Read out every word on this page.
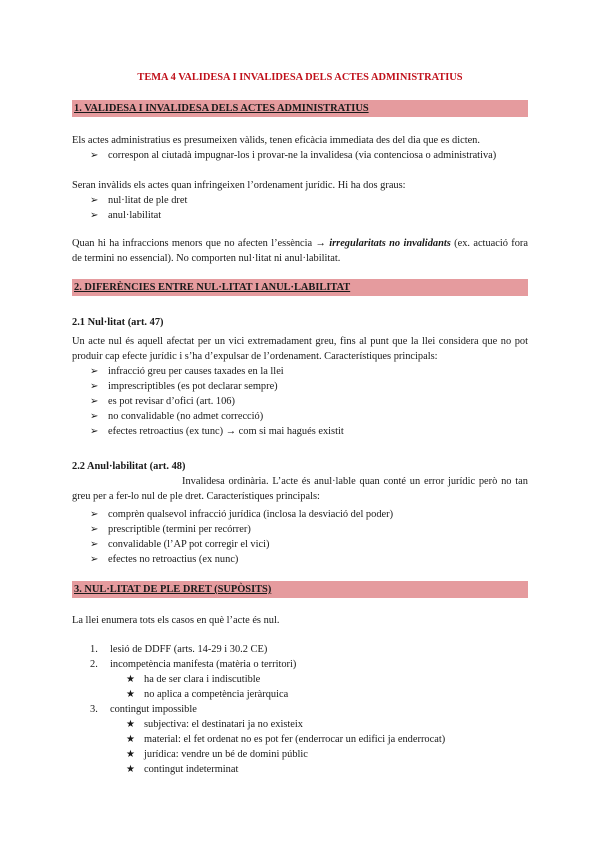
TEMA 4 VALIDESA I INVALIDESA DELS ACTES ADMINISTRATIUS
1. VALIDESA I INVALIDESA DELS ACTES ADMINISTRATIUS
Els actes administratius es presumeixen vàlids, tenen eficàcia immediata des del dia que es dicten.
➢ correspon al ciutadà impugnar-los i provar-ne la invalidesa (via contenciosa o administrativa)
Seran invàlids els actes quan infringeixen l’ordenament jurídic. Hi ha dos graus:
➢ nul·litat de ple dret
➢ anul·labilitat
Quan hi ha infraccions menors que no afecten l’essència → irregularitats no invalidants (ex. actuació fora de termini no essencial). No comporten nul·litat ni anul·labilitat.
2. DIFERÈNCIES ENTRE NUL·LITAT I ANUL·LABILITAT
2.1 Nul·litat (art. 47)
Un acte nul és aquell afectat per un vici extremadament greu, fins al punt que la llei considera que no pot produir cap efecte jurídic i s’ha d’expulsar de l’ordenament. Característiques principals:
➢ infracció greu per causes taxades en la llei
➢ imprescriptibles (es pot declarar sempre)
➢ es pot revisar d’ofici (art. 106)
➢ no convalidable (no admet correcció)
➢ efectes retroactius (ex tunc) → com si mai hagués existit
2.2 Anul·labilitat (art. 48)
Invalidesa ordinària. L’acte és anul·lable quan conté un error jurídic però no tan greu per a fer-lo nul de ple dret. Característiques principals:
➢ comprèn qualsevol infracció jurídica (inclosa la desviació del poder)
➢ prescriptible (termini per recórrer)
➢ convalidable (l’AP pot corregir el vici)
➢ efectes no retroactius (ex nunc)
3. NUL·LITAT DE PLE DRET (SUPÒSITS)
La llei enumera tots els casos en què l’acte és nul.
1. lesió de DDFF (arts. 14-29 i 30.2 CE)
2. incompetència manifesta (matèria o territori)
★ ha de ser clara i indiscutible
★ no aplica a competència jeràrquica
3. contingut impossible
★ subjectiva: el destinatari ja no existeix
★ material: el fet ordenat no es pot fer (enderrocar un edifici ja enderrocat)
★ jurídica: vendre un bé de domini públic
★ contingut indeterminat
